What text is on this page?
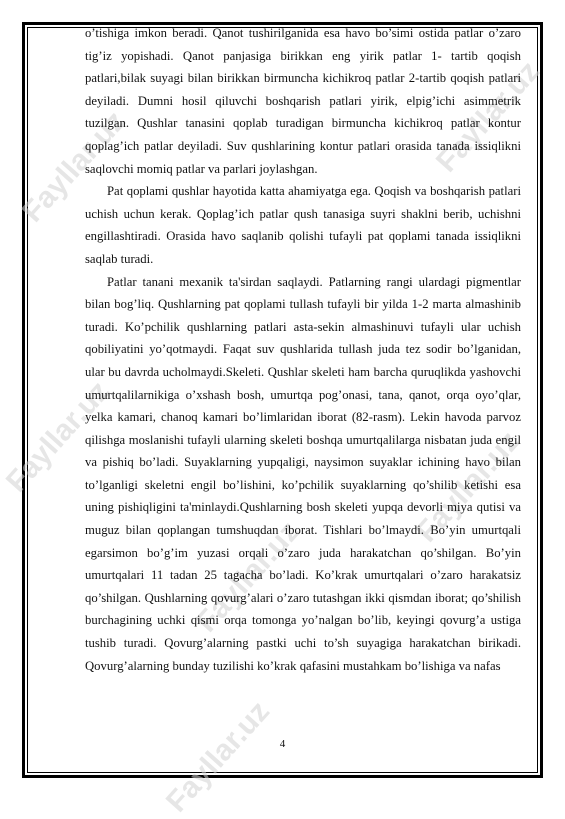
Fayllar.uz	Fayllar.uz
Fayllar.uz
Fayllar.uz
Fayllar.uz
Fayllar.uz

o’tishiga imkon beradi. Qanot tushirilganida esa havo bo’simi ostida patlar o’zaro tig’iz yopishadi. Qanot panjasiga birikkan eng yirik patlar 1- tartib qoqish patlari,bilak suyagi bilan birikkan birmuncha kichikroq patlar 2-tartib qoqish patlari deyiladi. Dumni hosil qiluvchi boshqarish patlari yirik, elpig’ichi asimmetrik tuzilgan. Qushlar tanasini qoplab turadigan birmuncha kichikroq patlar kontur qoplag’ich patlar deyiladi. Suv qushlarining kontur patlari orasida tanada issiqlikni saqlovchi momiq patlar va parlari joylashgan.

Pat qoplami qushlar hayotida katta ahamiyatga ega. Qoqish va boshqarish patlari uchish uchun kerak. Qoplag’ich patlar qush tanasiga suyri shaklni berib, uchishni engillashtiradi. Orasida havo saqlanib qolishi tufayli pat qoplami tanada issiqlikni saqlab turadi.

Patlar tanani mexanik ta'sirdan saqlaydi. Patlarning rangi ulardagi pigmentlar bilan bog’liq. Qushlarning pat qoplami tullash tufayli bir yilda 1-2 marta almashinib turadi. Ko’pchilik qushlarning patlari asta-sekin almashinuvi tufayli ular uchish qobiliyatini yo’qotmaydi. Faqat suv qushlarida tullash juda tez sodir bo’lganidan, ular bu davrda ucholmaydi.Skeleti. Qushlar skeleti ham barcha quruqlikda yashovchi umurtqalilarnikiga o’xshash bosh, umurtqa pog’onasi, tana, qanot, orqa oyo’qlar, yelka kamari, chanoq kamari bo’limlaridan iborat (82-rasm). Lekin havoda parvoz qilishga moslanishi tufayli ularning skeleti boshqa umurtqalilarga nisbatan juda engil va pishiq bo’ladi. Suyaklarning yupqaligi, naysimon suyaklar ichining havo bilan to’lganligi skeletni engil bo’lishini, ko’pchilik suyaklarning qo’shilib ketishi esa uning pishiqligini ta'minlaydi.Qushlarning bosh skeleti yupqa devorli miya qutisi va muguz bilan qoplangan tumshuqdan iborat. Tishlari bo’lmaydi. Bo’yin umurtqali egarsimon bo’g’im yuzasi orqali o’zaro juda harakatchan qo’shilgan. Bo’yin umurtqalari 11 tadan 25 tagacha bo’ladi. Ko’krak umurtqalari o’zaro harakatsiz qo’shilgan. Qushlarning qovurg’alari o’zaro tutashgan ikki qismdan iborat; qo’shilish burchagining uchki qismi orqa tomonga yo’nalgan bo’lib, keyingi qovurg’a ustiga tushib turadi. Qovurg’alarning pastki uchi to’sh suyagiga harakatchan birikadi. Qovurg’alarning bunday tuzilishi ko’krak qafasini mustahkam bo’lishiga va nafas

4
